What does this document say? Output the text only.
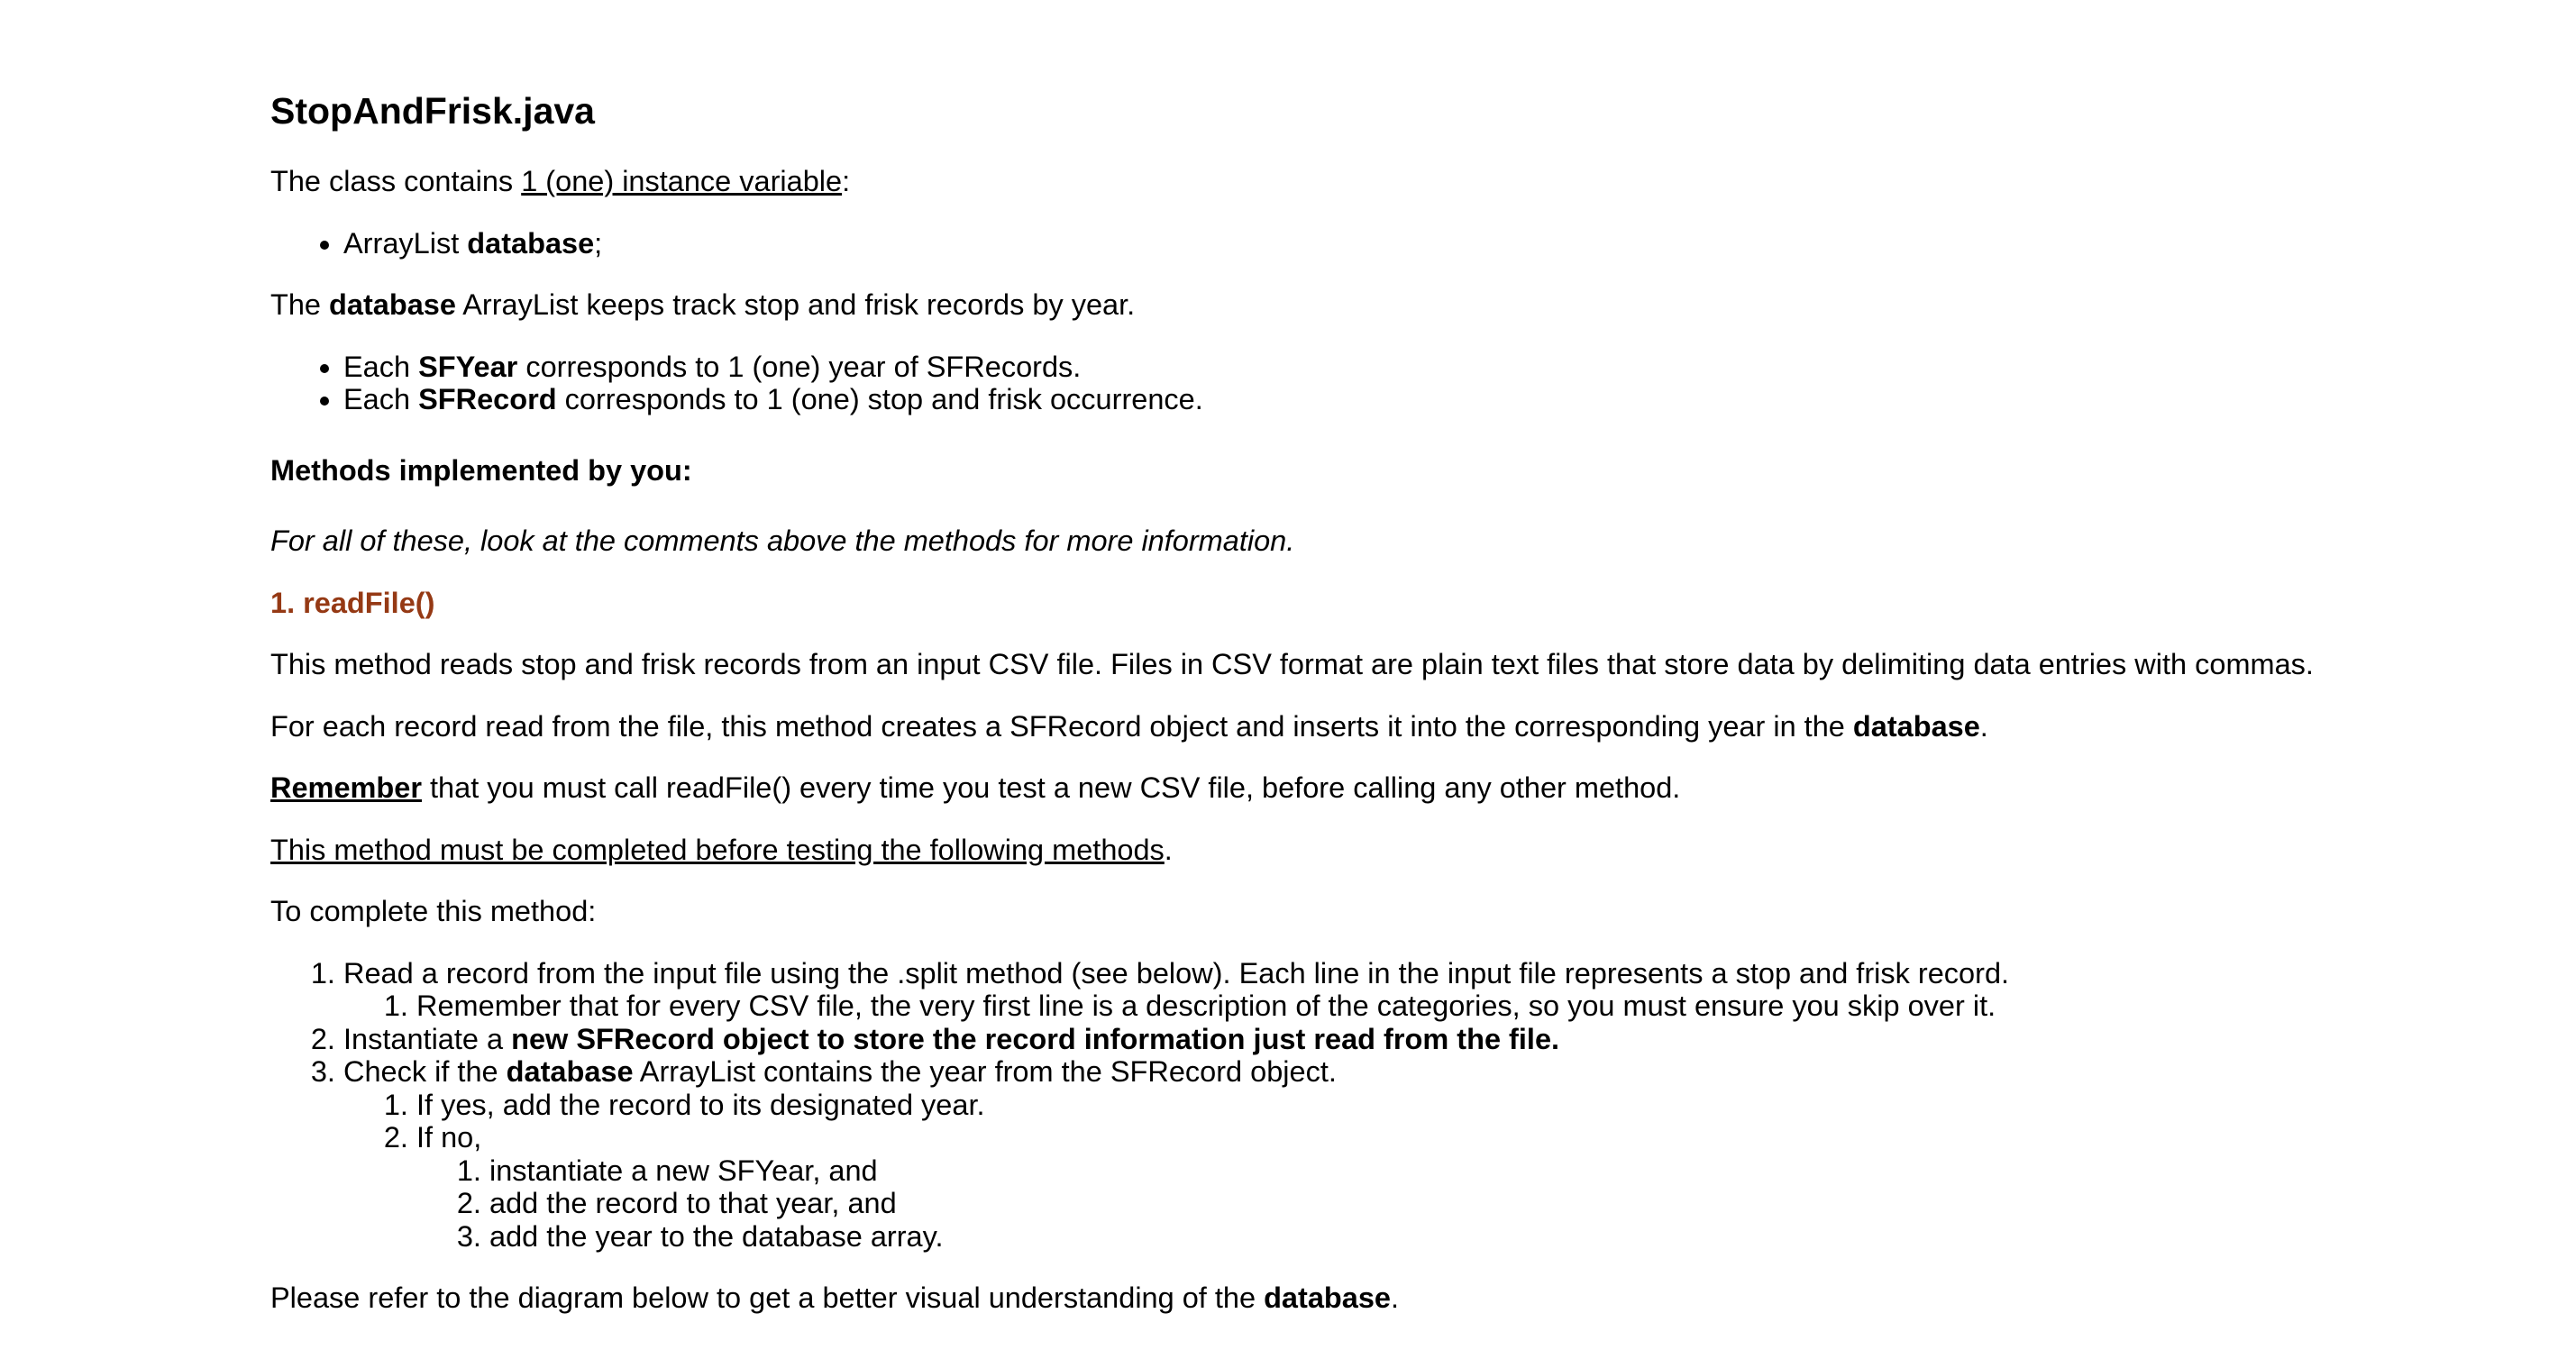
StopAndFrisk.java

The class contains 1 (one) instance variable:

• ArrayList database;

The database ArrayList keeps track stop and frisk records by year.

• Each SFYear corresponds to 1 (one) year of SFRecords.
• Each SFRecord corresponds to 1 (one) stop and frisk occurrence.

Methods implemented by you:

For all of these, look at the comments above the methods for more information.

1. readFile()

This method reads stop and frisk records from an input CSV file. Files in CSV format are plain text files that store data by delimiting data entries with commas.

For each record read from the file, this method creates a SFRecord object and inserts it into the corresponding year in the database.

Remember that you must call readFile() every time you test a new CSV file, before calling any other method.

This method must be completed before testing the following methods.

To complete this method:

1. Read a record from the input file using the .split method (see below). Each line in the input file represents a stop and frisk record.
1. Remember that for every CSV file, the very first line is a description of the categories, so you must ensure you skip over it.
2. Instantiate a new SFRecord object to store the record information just read from the file.
3. Check if the database ArrayList contains the year from the SFRecord object.
1. If yes, add the record to its designated year.
2. If no,
1. instantiate a new SFYear, and
2. add the record to that year, and
3. add the year to the database array.

Please refer to the diagram below to get a better visual understanding of the database.
